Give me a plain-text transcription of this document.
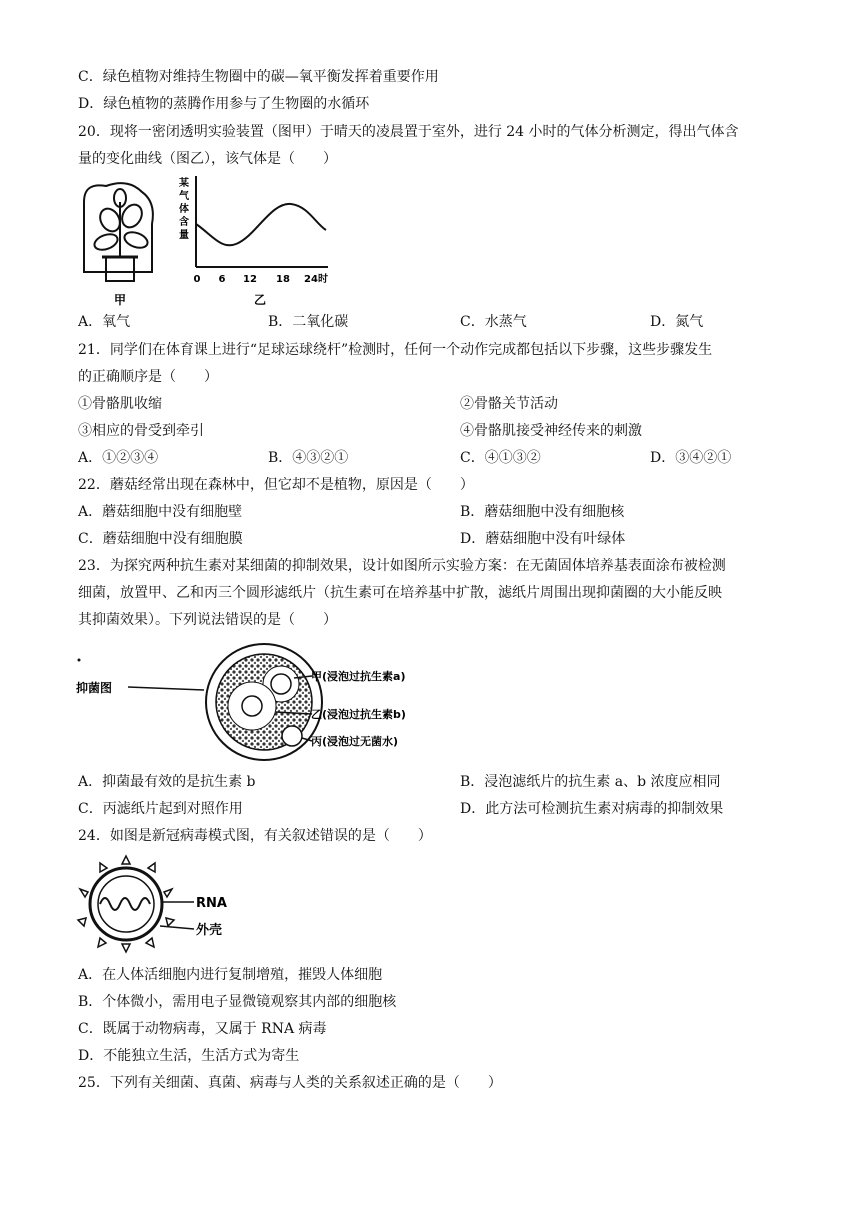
C．绿色植物对维持生物圈中的碳—氧平衡发挥着重要作用
D．绿色植物的蒸腾作用参与了生物圈的水循环
20．现将一密闭透明实验装置（图甲）于晴天的凌晨置于室外，进行 24 小时的气体分析测定，得出气体含
量的变化曲线（图乙），该气体是（　　）
甲
某
气
体
含
量
0 6 12 18 24时
乙
A．氧气	B．二氧化碳	C．水蒸气	D．氮气
21．同学们在体育课上进行“足球运球绕杆”检测时，任何一个动作完成都包括以下步骤，这些步骤发生
的正确顺序是（　　）
①骨骼肌收缩	②骨骼关节活动
③相应的骨受到牵引	④骨骼肌接受神经传来的刺激
A．①②③④	B．④③②①	C．④①③②	D．③④②①
22．蘑菇经常出现在森林中，但它却不是植物，原因是（　　）
A．蘑菇细胞中没有细胞壁	B．蘑菇细胞中没有细胞核
C．蘑菇细胞中没有细胞膜	D．蘑菇细胞中没有叶绿体
23．为探究两种抗生素对某细菌的抑制效果，设计如图所示实验方案：在无菌固体培养基表面涂布被检测
细菌，放置甲、乙和丙三个圆形滤纸片（抗生素可在培养基中扩散，滤纸片周围出现抑菌圈的大小能反映
其抑菌效果）。下列说法错误的是（　　）
抑菌图
甲(浸泡过抗生素a)
乙(浸泡过抗生素b)
丙(浸泡过无菌水)
A．抑菌最有效的是抗生素 b	B．浸泡滤纸片的抗生素 a、b 浓度应相同
C．丙滤纸片起到对照作用	D．此方法可检测抗生素对病毒的抑制效果
24．如图是新冠病毒模式图，有关叙述错误的是（　　）
RNA
外壳
A．在人体活细胞内进行复制增殖，摧毁人体细胞
B．个体微小，需用电子显微镜观察其内部的细胞核
C．既属于动物病毒，又属于 RNA 病毒
D．不能独立生活，生活方式为寄生
25．下列有关细菌、真菌、病毒与人类的关系叙述正确的是（　　）
